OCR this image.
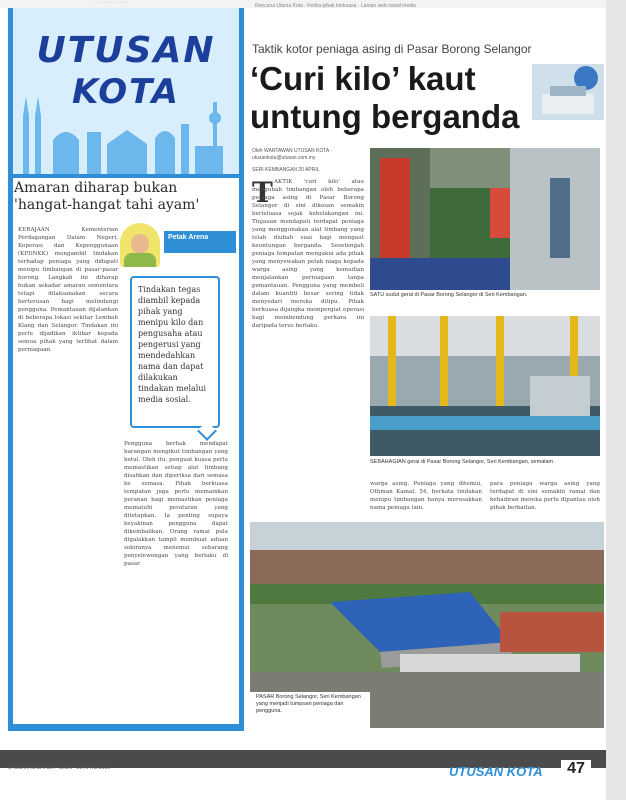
· · · · · · · · · · ·	Rencana Utama Kota · Ketika pihak berkuasa · Laman web sosial media
UTUSAN
KOTA
Amaran diharap bukan 'hangat-hangat tahi ayam'
Petak Arena
KERAJAAN Kementerian Perdagangan Dalam Negeri, Koperasi dan Kepenggunaan (KPDNKK) mengambil tindakan terhadap peniaga yang didapati menipu timbangan di pasar-pasar borong. Langkah ini diharap bukan sekadar amaran sementara tetapi dilaksanakan secara berterusan bagi melindungi pengguna. Pemantauan dijalankan di beberapa lokasi sekitar Lembah Klang dan Selangor. Tindakan ini perlu dijadikan iktibar kepada semua pihak yang terlibat dalam perniagaan.
Tindakan tegas diambil kepada pihak yang menipu kilo dan pengusaha atau pengerusi yang mendedahkan nama dan dapat dilakukan tindakan melalui media sosial.
Pengguna berhak mendapat barangan mengikut timbangan yang betul. Oleh itu, penguat kuasa perlu memastikan setiap alat timbang disahkan dan diperiksa dari semasa ke semasa. Pihak berkuasa tempatan juga perlu memainkan peranan bagi memastikan peniaga mematuhi peraturan yang ditetapkan. Ia penting supaya keyakinan pengguna dapat dikembalikan. Orang ramai pula digalakkan tampil membuat aduan sekiranya menemui sebarang penyelewengan yang berlaku di pasar.
Taktik kotor peniaga asing di Pasar Borong Selangor
‘Curi kilo’ kaut
untung berganda
Oleh WARTAWAN UTUSAN KOTA · utusankota@utusan.com.my
SERI KEMBANGAN 20 APRIL
T AKTIK 'curi kilo' atau mengubah timbangan oleh beberapa peniaga asing di Pasar Borong Selangor di sini dikesan semakin berleluasa sejak kebelakangan ini. Tinjauan mendapati terdapat peniaga yang menggunakan alat timbang yang telah diubah suai bagi mengaut keuntungan berganda. Sesetengah peniaga tempatan mengakui ada pihak yang menyewakan petak niaga kepada warga asing yang kemudian menjalankan perniagaan tanpa pemantauan. Pengguna yang membeli dalam kuantiti besar sering tidak menyedari mereka ditipu. Pihak berkuasa dijangka mempergiat operasi bagi membendung perkara ini daripada terus berlaku.
SATU sudut gerai di Pasar Borong Selangor di Seri Kembangan.
SEBAHAGIAN gerai di Pasar Borong Selangor, Seri Kembangan, semalam.
warga asing. Peniaga yang ditemui, Othman Kamal, 54, berkata tindakan menipu timbangan hanya merosakkan nama peniaga lain.
para peniaga warga asing yang terdapat di sini semakin ramai dan kehadiran mereka perlu dipantau oleh pihak berkaitan.
PASAR Borong Selangor, Seri Kembangan yang menjadi tumpuan peniaga dan pengguna.
UTUSAN MALAYSIA · ISNIN · 21 APRIL 2016	UTUSAN KOTA	47
